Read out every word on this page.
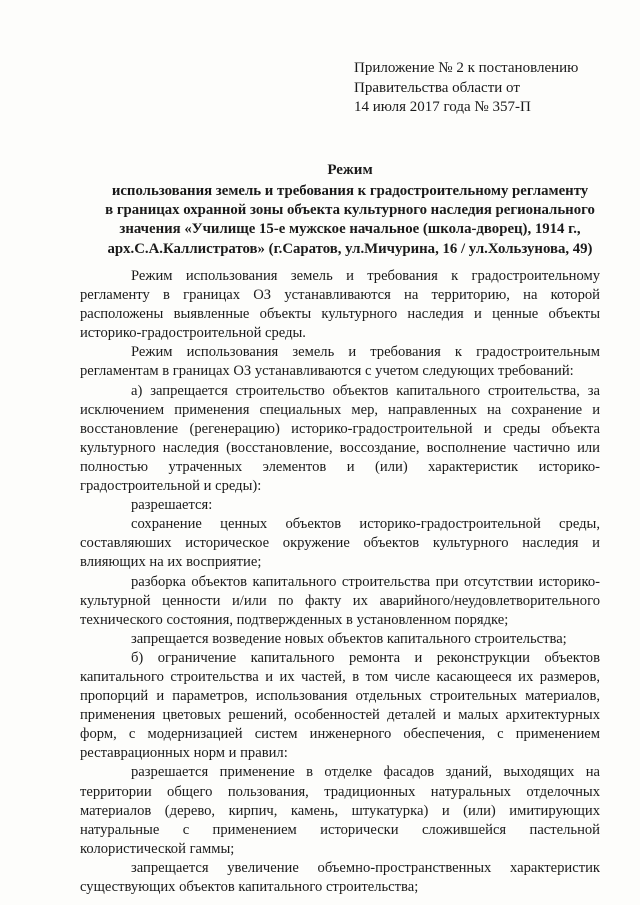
Приложение № 2 к постановлению
Правительства области от
14 июля 2017 года № 357-П
Режим
использования земель и требования к градостроительному регламенту
в границах охранной зоны объекта культурного наследия регионального
значения «Училище 15-е мужское начальное (школа-дворец), 1914 г.,
арх.С.А.Каллистратов» (г.Саратов, ул.Мичурина, 16 / ул.Хользунова, 49)

Режим использования земель и требования к градостроительному регламенту в границах ОЗ устанавливаются на территорию, на которой расположены выявленные объекты культурного наследия и ценные объекты историко-градостроительной среды.

Режим использования земель и требования к градостроительным регламентам в границах ОЗ устанавливаются с учетом следующих требований:

а) запрещается строительство объектов капитального строительства, за исключением применения специальных мер, направленных на сохранение и восстановление (регенерацию) историко-градостроительной и среды объекта культурного наследия (восстановление, воссоздание, восполнение частично или полностью утраченных элементов и (или) характеристик историко-градостроительной и среды):

разрешается:

сохранение ценных объектов историко-градостроительной среды, составляюших историческое окружение объектов культурного наследия и влияющих на их восприятие;

разборка объектов капитального строительства при отсутствии историко-культурной ценности и/или по факту их аварийного/неудовлетворительного технического состояния, подтвержденных в установленном порядке;

запрещается возведение новых объектов капитального строительства;

б) ограничение капитального ремонта и реконструкции объектов капитального строительства и их частей, в том числе касающееся их размеров, пропорций и параметров, использования отдельных строительных материалов, применения цветовых решений, особенностей деталей и малых архитектурных форм, с модернизацией систем инженерного обеспечения, с применением реставрационных норм и правил:

разрешается применение в отделке фасадов зданий, выходящих на территории общего пользования, традиционных натуральных отделочных материалов (дерево, кирпич, камень, штукатурка) и (или) имитирующих натуральные с применением исторически сложившейся пастельной колористической гаммы;

запрещается увеличение объемно-пространственных характеристик существующих объектов капитального строительства;
